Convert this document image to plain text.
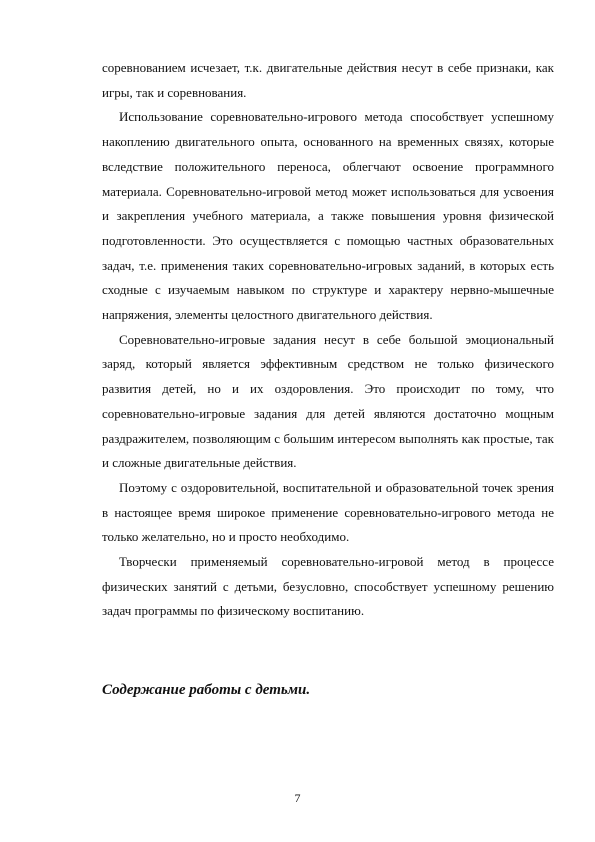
соревнованием исчезает, т.к. двигательные действия несут в себе признаки, как игры, так и соревнования.

Использование соревновательно-игрового метода способствует успешному накоплению двигательного опыта, основанного на временных связях, которые вследствие положительного переноса, облегчают освоение программного материала. Соревновательно-игровой метод может использоваться для усвоения и закрепления учебного материала, а также повышения уровня физической подготовленности. Это осуществляется с помощью частных образовательных задач, т.е. применения таких соревновательно-игровых заданий, в которых есть сходные с изучаемым навыком по структуре и характеру нервно-мышечные напряжения, элементы целостного двигательного действия.

Соревновательно-игровые задания несут в себе большой эмоциональный заряд, который является эффективным средством не только физического развития детей, но и их оздоровления. Это происходит по тому, что соревновательно-игровые задания для детей являются достаточно мощным раздражителем, позволяющим с большим интересом выполнять как простые, так и сложные двигательные действия.

Поэтому с оздоровительной, воспитательной и образовательной точек зрения в настоящее время широкое применение соревновательно-игрового метода не только желательно, но и просто необходимо.

Творчески применяемый соревновательно-игровой метод в процессе физических занятий с детьми, безусловно, способствует успешному решению задач программы по физическому воспитанию.

Содержание работы с детьми.
7
